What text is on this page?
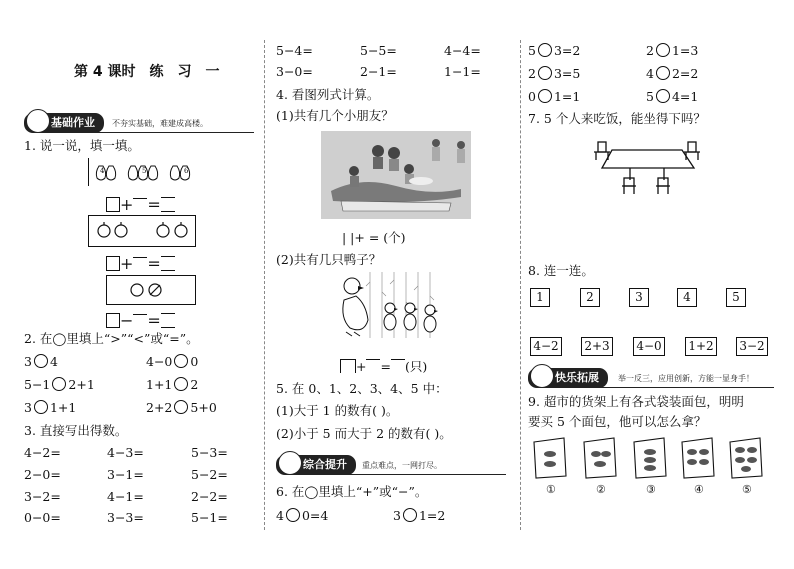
第 4 课时　练　习　一
基础作业	不夯实基础，难建成高楼。
1. 说一说，填一填。
4	5	6
+ =
+ =
− =
2. 在◯里填上“>”“<”或“=”。
3 4	4−0 0
5−1 2+1	1+1 2
3 1+1	2+2 5+0
3. 直接写出得数。
4−2=	4−3=	5−3=
2−0=	3−1=	5−2=
3−2=	4−1=	2−2=
0−0=	3−3=	5−1=
5−4=	5−5=	4−4=
3−0=	2−1=	1−1=
4. 看图列式计算。
(1)共有几个小朋友？
| |+ = (个)
(2)共有几只鸭子？
+ = (只)
5. 在 0、1、2、3、4、5 中：
(1)大于 1 的数有( )。
(2)小于 5 而大于 2 的数有( )。
综合提升	重点难点，一网打尽。
6. 在◯里填上“+”或“−”。
4 0=4	3 1=2
5 3=2	2 1=3
2 3=5	4 2=2
0 1=1	5 4=1
7. 5 个人来吃饭，能坐得下吗？
8. 连一连。
1	2	3	4	5
4−2 2+3 4−0 1+2 3−2
快乐拓展	举一反三，应用创新，方能一显身手！
9. 超市的货架上有各式袋装面包，明明
要买 5 个面包，他可以怎么拿？
①	②	③	④	⑤
